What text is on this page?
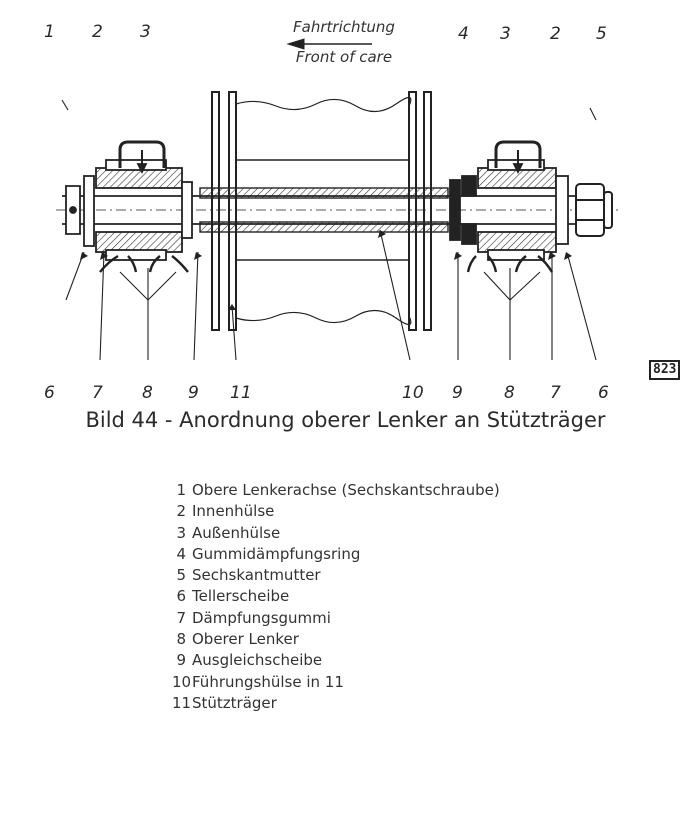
1 2 3	4 3 2 5
Fahrtrichtung
Front of care
6 7 8 9 11	10 9 8 7 6
823
Bild 44 - Anordnung oberer Lenker an Stützträger
1 Obere Lenkerachse (Sechskantschraube)
2 Innenhülse
3 Außenhülse
4 Gummidämpfungsring
5 Sechskantmutter
6 Tellerscheibe
7 Dämpfungsgummi
8 Oberer Lenker
9 Ausgleichscheibe
10Führungshülse in 11
11Stützträger
